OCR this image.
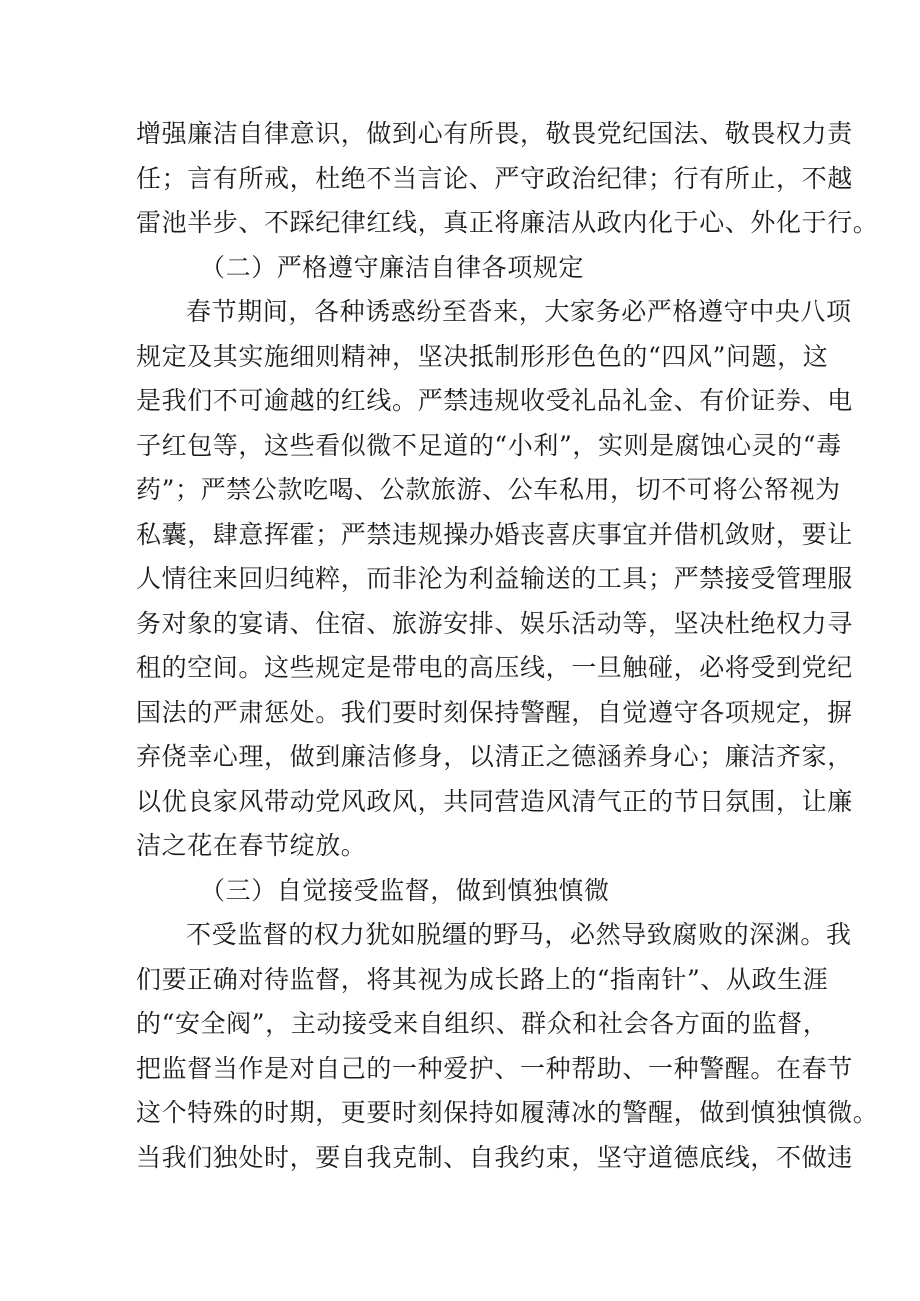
增强廉洁自律意识，做到心有所畏，敬畏党纪国法、敬畏权力责
任；言有所戒，杜绝不当言论、严守政治纪律；行有所止，不越
雷池半步、不踩纪律红线，真正将廉洁从政内化于心、外化于行。
（二）严格遵守廉洁自律各项规定
春节期间，各种诱惑纷至沓来，大家务必严格遵守中央八项
规定及其实施细则精神，坚决抵制形形色色的“四风”问题，这
是我们不可逾越的红线。严禁违规收受礼品礼金、有价证券、电
子红包等，这些看似微不足道的“小利”，实则是腐蚀心灵的“毒
药”；严禁公款吃喝、公款旅游、公车私用，切不可将公帑视为
私囊，肆意挥霍；严禁违规操办婚丧喜庆事宜并借机敛财，要让
人情往来回归纯粹，而非沦为利益输送的工具；严禁接受管理服
务对象的宴请、住宿、旅游安排、娱乐活动等，坚决杜绝权力寻
租的空间。这些规定是带电的高压线，一旦触碰，必将受到党纪
国法的严肃惩处。我们要时刻保持警醒，自觉遵守各项规定，摒
弃侥幸心理，做到廉洁修身，以清正之德涵养身心；廉洁齐家，
以优良家风带动党风政风，共同营造风清气正的节日氛围，让廉
洁之花在春节绽放。
（三）自觉接受监督，做到慎独慎微
不受监督的权力犹如脱缰的野马，必然导致腐败的深渊。我
们要正确对待监督，将其视为成长路上的“指南针”、从政生涯
的“安全阀”，主动接受来自组织、群众和社会各方面的监督，
把监督当作是对自己的一种爱护、一种帮助、一种警醒。在春节
这个特殊的时期，更要时刻保持如履薄冰的警醒，做到慎独慎微。
当我们独处时，要自我克制、自我约束，坚守道德底线，不做违
